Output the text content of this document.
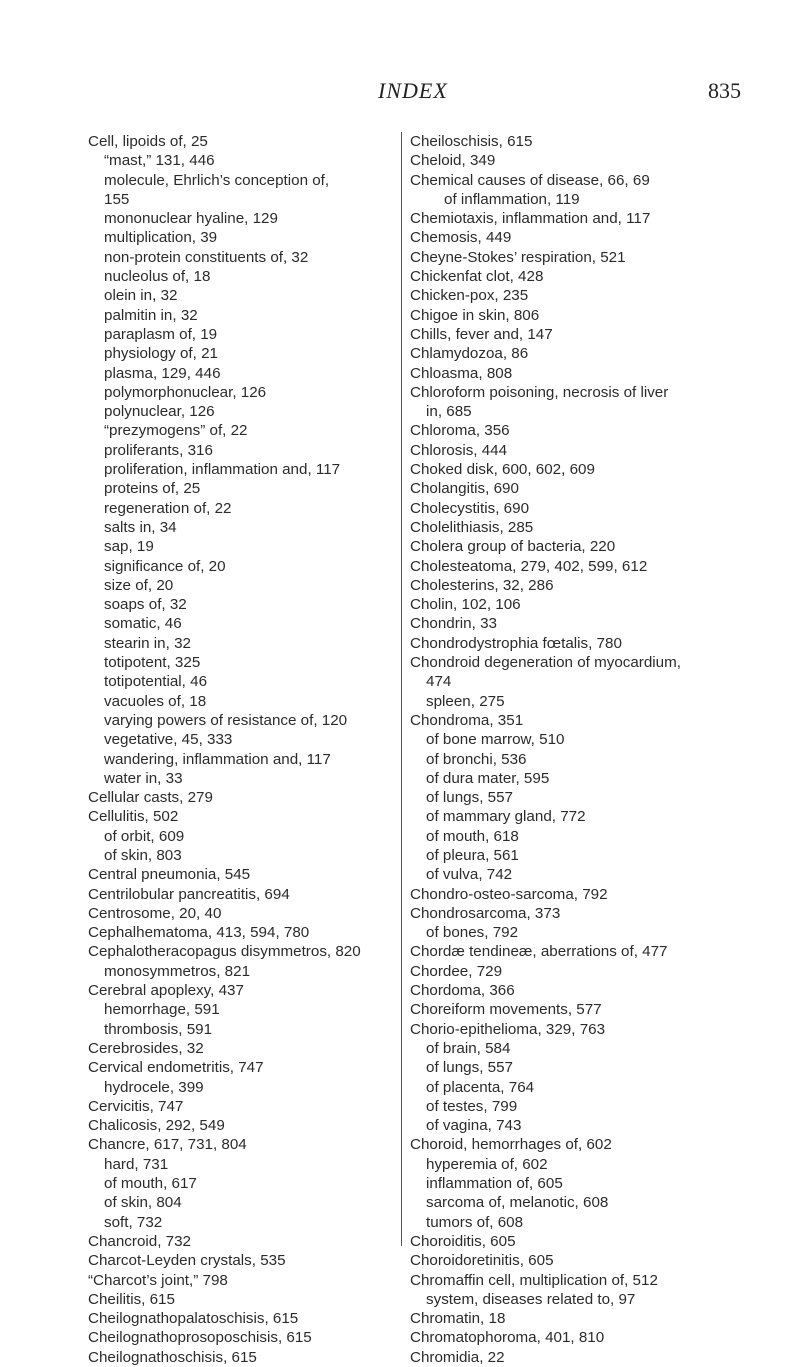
INDEX	835
Cell, lipoids of, 25
“mast,” 131, 446
molecule, Ehrlich’s conception of,
155
mononuclear hyaline, 129
multiplication, 39
non-protein constituents of, 32
nucleolus of, 18
olein in, 32
palmitin in, 32
paraplasm of, 19
physiology of, 21
plasma, 129, 446
polymorphonuclear, 126
polynuclear, 126
“prezymogens” of, 22
proliferants, 316
proliferation, inflammation and, 117
proteins of, 25
regeneration of, 22
salts in, 34
sap, 19
significance of, 20
size of, 20
soaps of, 32
somatic, 46
stearin in, 32
totipotent, 325
totipotential, 46
vacuoles of, 18
varying powers of resistance of, 120
vegetative, 45, 333
wandering, inflammation and, 117
water in, 33
Cellular casts, 279
Cellulitis, 502
of orbit, 609
of skin, 803
Central pneumonia, 545
Centrilobular pancreatitis, 694
Centrosome, 20, 40
Cephalhematoma, 413, 594, 780
Cephalotheracopagus disymmetros, 820
monosymmetros, 821
Cerebral apoplexy, 437
hemorrhage, 591
thrombosis, 591
Cerebrosides, 32
Cervical endometritis, 747
hydrocele, 399
Cervicitis, 747
Chalicosis, 292, 549
Chancre, 617, 731, 804
hard, 731
of mouth, 617
of skin, 804
soft, 732
Chancroid, 732
Charcot-Leyden crystals, 535
“Charcot’s joint,” 798
Cheilitis, 615
Cheilognathopalatoschisis, 615
Cheilognathoprosoposchisis, 615
Cheilognathoschisis, 615
Cheiloschisis, 615
Cheloid, 349
Chemical causes of disease, 66, 69
of inflammation, 119
Chemiotaxis, inflammation and, 117
Chemosis, 449
Cheyne-Stokes’ respiration, 521
Chickenfat clot, 428
Chicken-pox, 235
Chigoe in skin, 806
Chills, fever and, 147
Chlamydozoa, 86
Chloasma, 808
Chloroform poisoning, necrosis of liver
in, 685
Chloroma, 356
Chlorosis, 444
Choked disk, 600, 602, 609
Cholangitis, 690
Cholecystitis, 690
Cholelithiasis, 285
Cholera group of bacteria, 220
Cholesteatoma, 279, 402, 599, 612
Cholesterins, 32, 286
Cholin, 102, 106
Chondrin, 33
Chondrodystrophia fœtalis, 780
Chondroid degeneration of myocardium,
474
spleen, 275
Chondroma, 351
of bone marrow, 510
of bronchi, 536
of dura mater, 595
of lungs, 557
of mammary gland, 772
of mouth, 618
of pleura, 561
of vulva, 742
Chondro-osteo-sarcoma, 792
Chondrosarcoma, 373
of bones, 792
Chordæ tendineæ, aberrations of, 477
Chordee, 729
Chordoma, 366
Choreiform movements, 577
Chorio-epithelioma, 329, 763
of brain, 584
of lungs, 557
of placenta, 764
of testes, 799
of vagina, 743
Choroid, hemorrhages of, 602
hyperemia of, 602
inflammation of, 605
sarcoma of, melanotic, 608
tumors of, 608
Choroiditis, 605
Choroidoretinitis, 605
Chromaffin cell, multiplication of, 512
system, diseases related to, 97
Chromatin, 18
Chromatophoroma, 401, 810
Chromidia, 22
